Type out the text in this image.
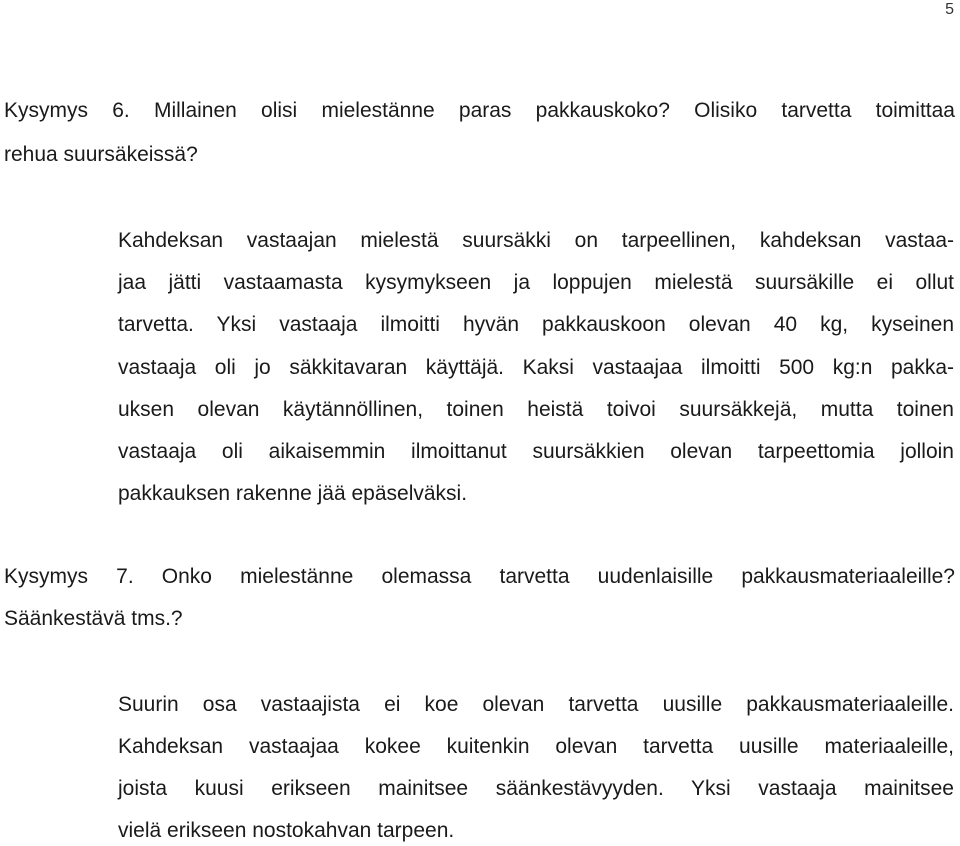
5
Kysymys 6. Millainen olisi mielestänne paras pakkauskoko? Olisiko tarvetta toimittaa
rehua suursäkeissä?
Kahdeksan vastaajan mielestä suursäkki on tarpeellinen, kahdeksan vastaa-
jaa jätti vastaamasta kysymykseen ja loppujen mielestä suursäkille ei ollut
tarvetta. Yksi vastaaja ilmoitti hyvän pakkauskoon olevan 40 kg, kyseinen
vastaaja oli jo säkkitavaran käyttäjä. Kaksi vastaajaa ilmoitti 500 kg:n pakka-
uksen olevan käytännöllinen, toinen heistä toivoi suursäkkejä, mutta toinen
vastaaja oli aikaisemmin ilmoittanut suursäkkien olevan tarpeettomia jolloin
pakkauksen rakenne jää epäselväksi.
Kysymys 7. Onko mielestänne olemassa tarvetta uudenlaisille pakkausmateriaaleille?
Säänkestävä tms.?
Suurin osa vastaajista ei koe olevan tarvetta uusille pakkausmateriaaleille.
Kahdeksan vastaajaa kokee kuitenkin olevan tarvetta uusille materiaaleille,
joista kuusi erikseen mainitsee säänkestävyyden. Yksi vastaaja mainitsee
vielä erikseen nostokahvan tarpeen.
